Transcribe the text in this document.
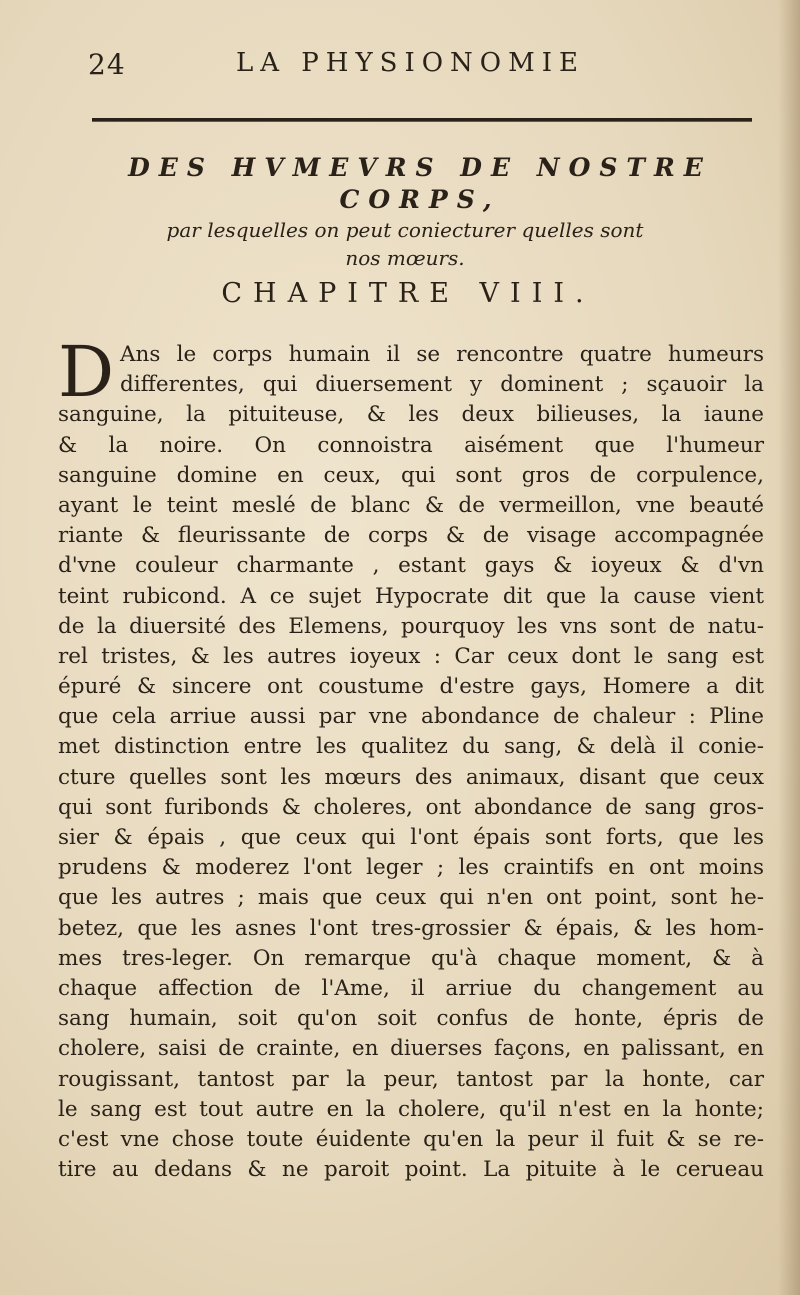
24	LA PHYSIONOMIE
DES HVMEVRS DE NOSTRE CORPS,
par lesquelles on peut coniecturer quelles sont
nos mœurs.
CHAPITRE VIII.
D Ans le corps humain il se rencontre quatre humeurs
differentes, qui diuersement y dominent ; sçauoir la
sanguine, la pituiteuse, & les deux bilieuses, la iaune
& la noire. On connoistra aisément que l'humeur
sanguine domine en ceux, qui sont gros de corpulence,
ayant le teint meslé de blanc & de vermeillon, vne beauté
riante & fleurissante de corps & de visage accompagnée
d'vne couleur charmante , estant gays & ioyeux & d'vn
teint rubicond. A ce sujet Hypocrate dit que la cause vient
de la diuersité des Elemens, pourquoy les vns sont de natu-
rel tristes, & les autres ioyeux : Car ceux dont le sang est
épuré & sincere ont coustume d'estre gays, Homere a dit
que cela arriue aussi par vne abondance de chaleur : Pline
met distinction entre les qualitez du sang, & delà il conie-
cture quelles sont les mœurs des animaux, disant que ceux
qui sont furibonds & choleres, ont abondance de sang gros-
sier & épais , que ceux qui l'ont épais sont forts, que les
prudens & moderez l'ont leger ; les craintifs en ont moins
que les autres ; mais que ceux qui n'en ont point, sont he-
betez, que les asnes l'ont tres-grossier & épais, & les hom-
mes tres-leger. On remarque qu'à chaque moment, & à
chaque affection de l'Ame, il arriue du changement au
sang humain, soit qu'on soit confus de honte, épris de
cholere, saisi de crainte, en diuerses façons, en palissant, en
rougissant, tantost par la peur, tantost par la honte, car
le sang est tout autre en la cholere, qu'il n'est en la honte;
c'est vne chose toute éuidente qu'en la peur il fuit & se re-
tire au dedans & ne paroit point. La pituite à le cerueau
